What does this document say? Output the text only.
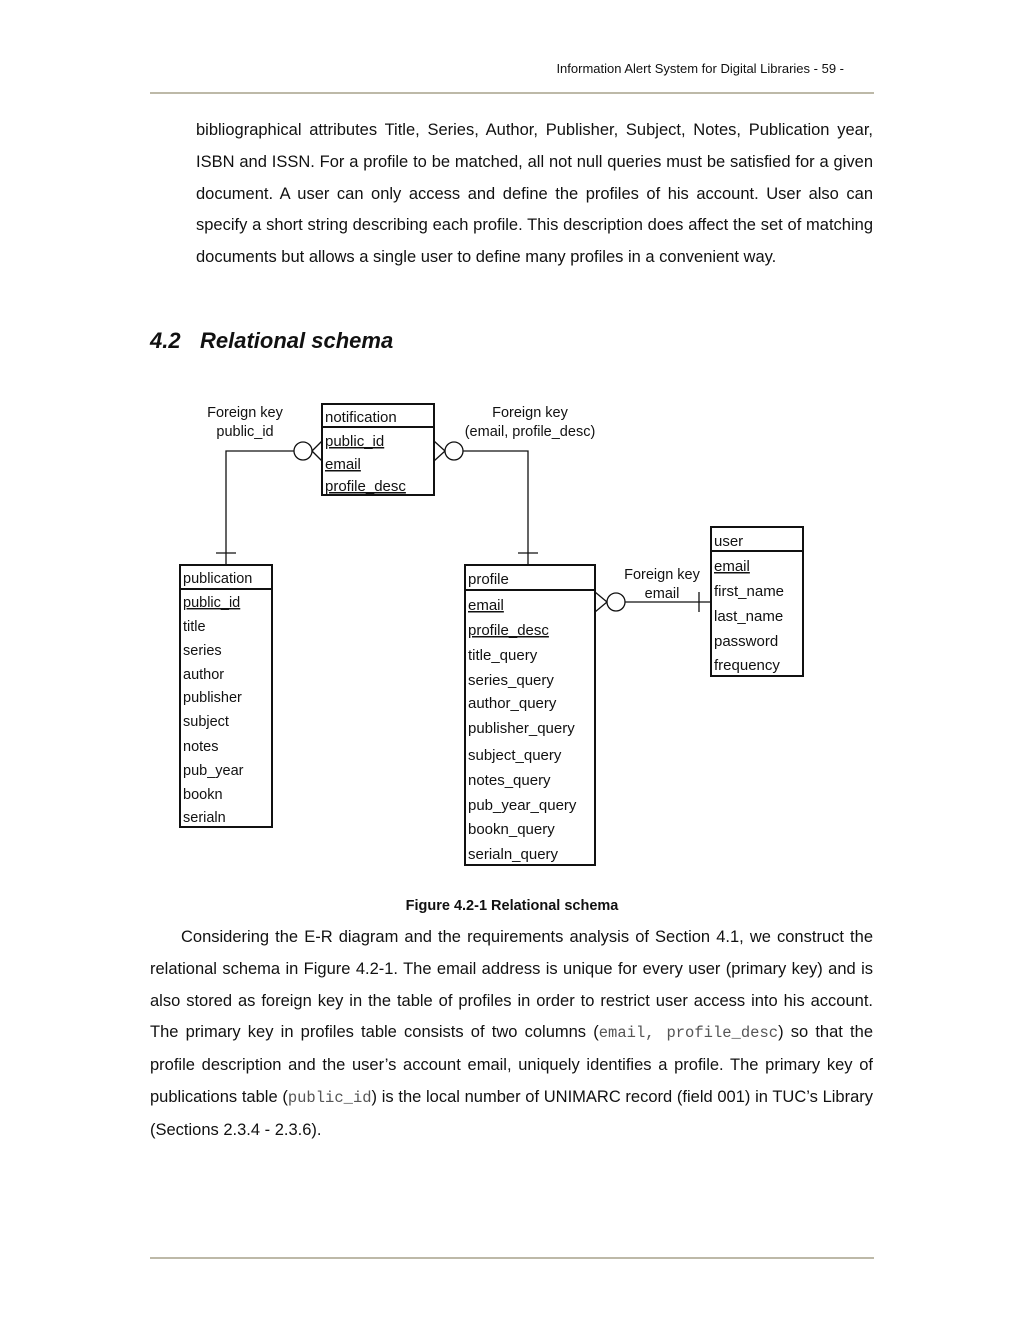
Information Alert System for Digital Libraries - 59 -

bibliographical attributes Title, Series, Author, Publisher, Subject, Notes, Publication year, ISBN and ISSN. For a profile to be matched, all not null queries must be satisfied for a given document. A user can only access and define the profiles of his account. User also can specify a short string describing each profile. This description does affect the set of matching documents but allows a single user to define many profiles in a convenient way.

4.2 Relational schema
Foreign key
public_id
Foreign key
(email, profile_desc)
Foreign key
email
notification
public_id
email
profile_desc
publication
public_id
title
series
author
publisher
subject
notes
pub_year
bookn
serialn
profile
email
profile_desc
title_query
series_query
author_query
publisher_query
subject_query
notes_query
pub_year_query
bookn_query
serialn_query
user
email
first_name
last_name
password
frequency
Figure 4.2-1 Relational schema

Considering the E-R diagram and the requirements analysis of Section 4.1, we construct the relational schema in Figure 4.2-1. The email address is unique for every user (primary key) and is also stored as foreign key in the table of profiles in order to restrict user access into his account. The primary key in profiles table consists of two columns (email, profile_desc) so that the profile description and the user’s account email, uniquely identifies a profile. The primary key of publications table (public_id) is the local number of UNIMARC record (field 001) in TUC’s Library (Sections 2.3.4 - 2.3.6).
